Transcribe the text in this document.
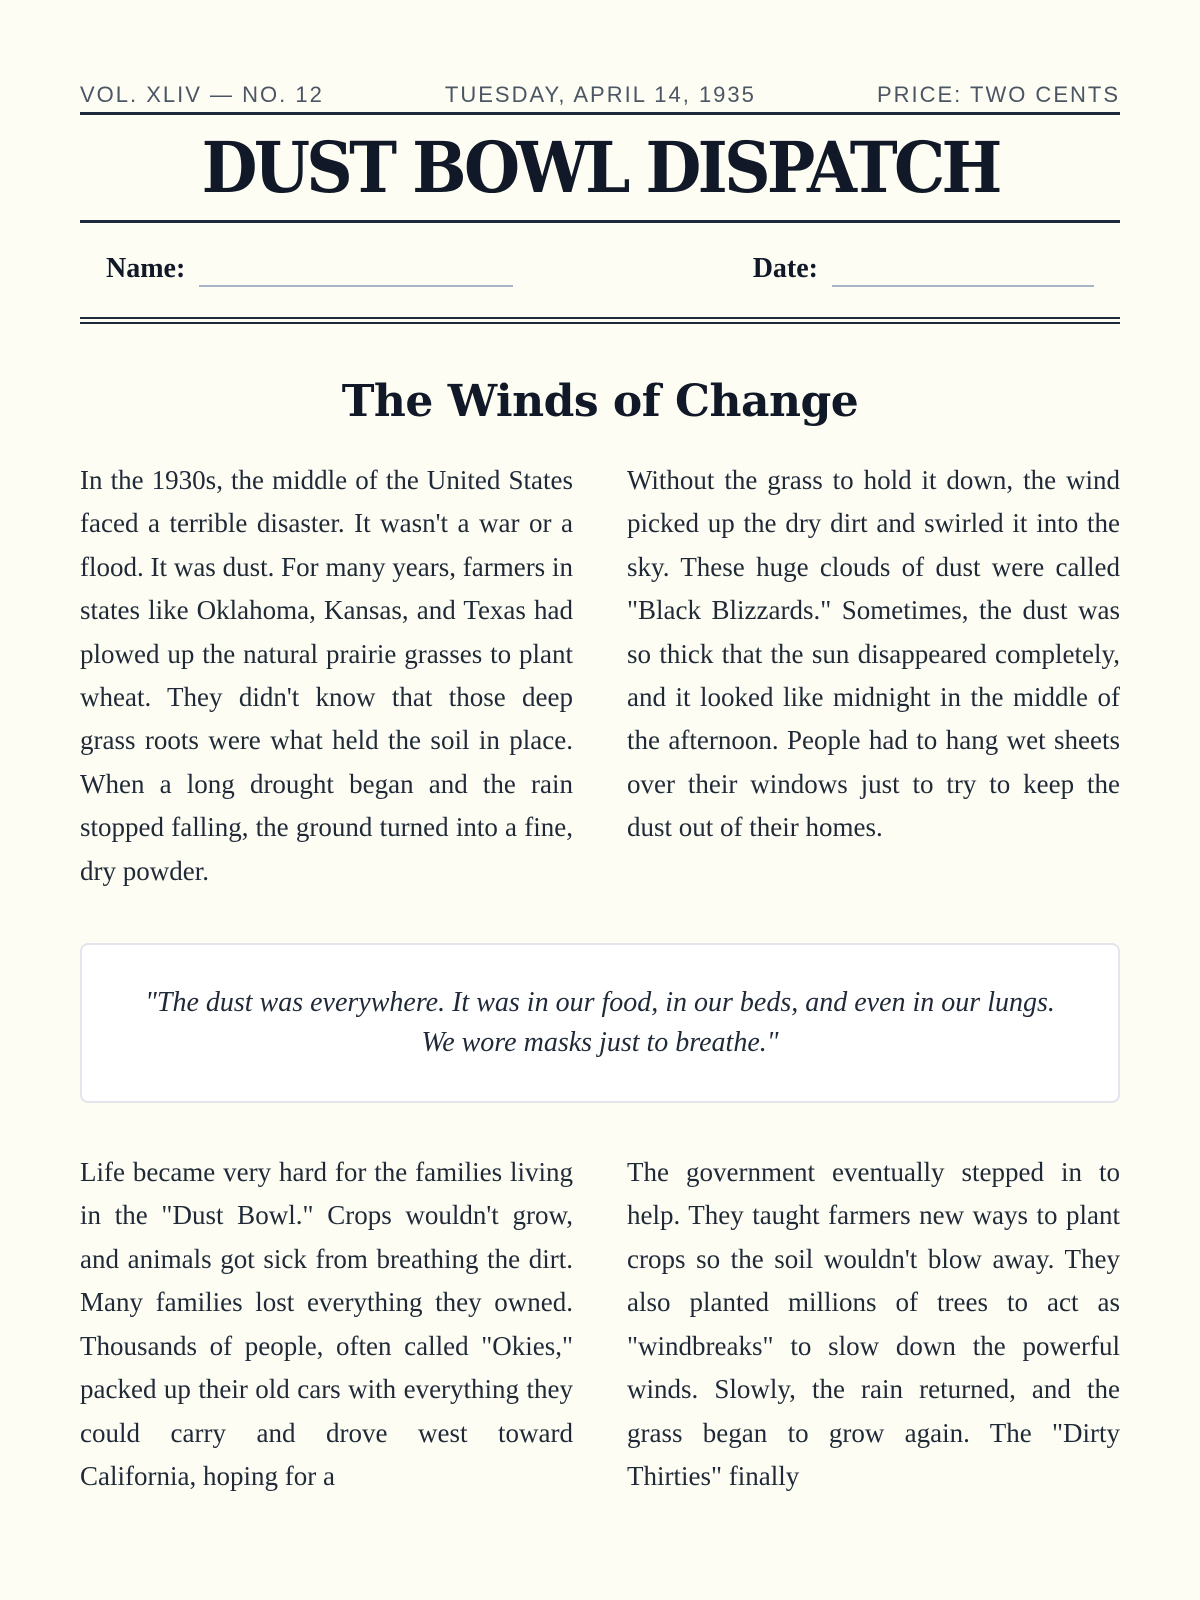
VOL. XLIV — NO. 12	TUESDAY, APRIL 14, 1935	PRICE: TWO CENTS
DUST BOWL DISPATCH
Name:	Date:
The Winds of Change

In the 1930s, the middle of the United States faced a terrible disaster. It wasn't a war or a flood. It was dust. For many years, farmers in states like Oklahoma, Kansas, and Texas had plowed up the natural prairie grasses to plant wheat. They didn't know that those deep grass roots were what held the soil in place. When a long drought began and the rain stopped falling, the ground turned into a fine, dry powder.

Without the grass to hold it down, the wind picked up the dry dirt and swirled it into the sky. These huge clouds of dust were called "Black Blizzards." Sometimes, the dust was so thick that the sun disappeared completely, and it looked like midnight in the middle of the afternoon. People had to hang wet sheets over their windows just to try to keep the dust out of their homes.

"The dust was everywhere. It was in our food, in our beds, and even in our lungs. We wore masks just to breathe."

Life became very hard for the families living in the "Dust Bowl." Crops wouldn't grow, and animals got sick from breathing the dirt. Many families lost everything they owned. Thousands of people, often called "Okies," packed up their old cars with everything they could carry and drove west toward California, hoping for a

The government eventually stepped in to help. They taught farmers new ways to plant crops so the soil wouldn't blow away. They also planted millions of trees to act as "windbreaks" to slow down the powerful winds. Slowly, the rain returned, and the grass began to grow again. The "Dirty Thirties" finally
